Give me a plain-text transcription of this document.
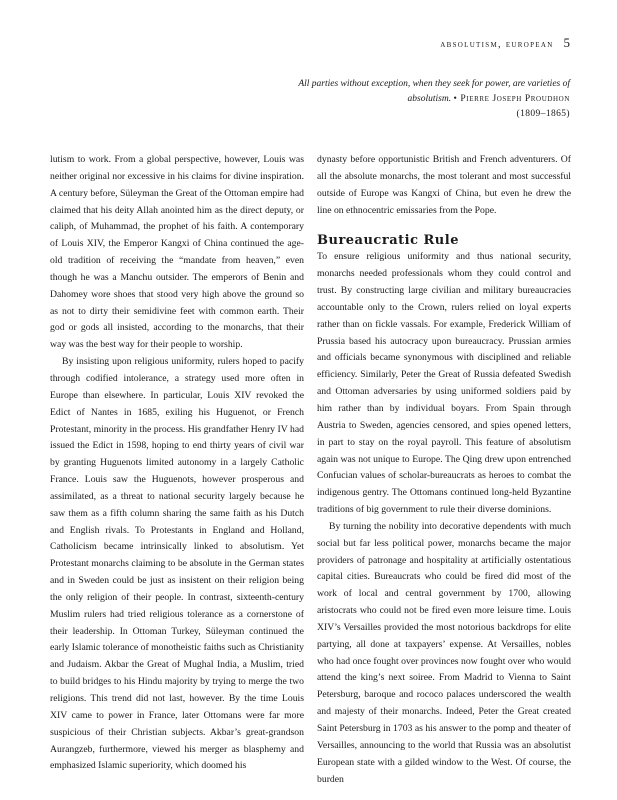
absolutism, european 5
All parties without exception, when they seek for power, are varieties of absolutism. • Pierre Joseph Proudhon
(1809–1865)

lutism to work. From a global perspective, however, Louis was neither original nor excessive in his claims for divine inspiration. A century before, Süleyman the Great of the Ottoman empire had claimed that his deity Allah anointed him as the direct deputy, or caliph, of Muhammad, the prophet of his faith. A contemporary of Louis XIV, the Emperor Kangxi of China continued the age-old tradition of receiving the “mandate from heaven,” even though he was a Manchu outsider. The emperors of Benin and Dahomey wore shoes that stood very high above the ground so as not to dirty their semidivine feet with common earth. Their god or gods all insisted, according to the monarchs, that their way was the best way for their people to worship.

By insisting upon religious uniformity, rulers hoped to pacify through codified intolerance, a strategy used more often in Europe than elsewhere. In particular, Louis XIV revoked the Edict of Nantes in 1685, exiling his Huguenot, or French Protestant, minority in the process. His grandfather Henry IV had issued the Edict in 1598, hoping to end thirty years of civil war by granting Huguenots limited autonomy in a largely Catholic France. Louis saw the Huguenots, however prosperous and assimilated, as a threat to national security largely because he saw them as a fifth column sharing the same faith as his Dutch and English rivals. To Protestants in England and Holland, Catholicism became intrinsically linked to absolutism. Yet Protestant monarchs claiming to be absolute in the German states and in Sweden could be just as insistent on their religion being the only religion of their people. In contrast, sixteenth-century Muslim rulers had tried religious tolerance as a cornerstone of their leadership. In Ottoman Turkey, Süleyman continued the early Islamic tolerance of monotheistic faiths such as Christianity and Judaism. Akbar the Great of Mughal India, a Muslim, tried to build bridges to his Hindu majority by trying to merge the two religions. This trend did not last, however. By the time Louis XIV came to power in France, later Ottomans were far more suspicious of their Christian subjects. Akbar’s great-grandson Aurangzeb, furthermore, viewed his merger as blasphemy and emphasized Islamic superiority, which doomed his

dynasty before opportunistic British and French adventurers. Of all the absolute monarchs, the most tolerant and most successful outside of Europe was Kangxi of China, but even he drew the line on ethnocentric emissaries from the Pope.

Bureaucratic Rule

To ensure religious uniformity and thus national security, monarchs needed professionals whom they could control and trust. By constructing large civilian and military bureaucracies accountable only to the Crown, rulers relied on loyal experts rather than on fickle vassals. For example, Frederick William of Prussia based his autocracy upon bureaucracy. Prussian armies and officials became synonymous with disciplined and reliable efficiency. Similarly, Peter the Great of Russia defeated Swedish and Ottoman adversaries by using uniformed soldiers paid by him rather than by individual boyars. From Spain through Austria to Sweden, agencies censored, and spies opened letters, in part to stay on the royal payroll. This feature of absolutism again was not unique to Europe. The Qing drew upon entrenched Confucian values of scholar-bureaucrats as heroes to combat the indigenous gentry. The Ottomans continued long-held Byzantine traditions of big government to rule their diverse dominions.

By turning the nobility into decorative dependents with much social but far less political power, monarchs became the major providers of patronage and hospitality at artificially ostentatious capital cities. Bureaucrats who could be fired did most of the work of local and central government by 1700, allowing aristocrats who could not be fired even more leisure time. Louis XIV’s Versailles provided the most notorious backdrops for elite partying, all done at taxpayers’ expense. At Versailles, nobles who had once fought over provinces now fought over who would attend the king’s next soiree. From Madrid to Vienna to Saint Petersburg, baroque and rococo palaces underscored the wealth and majesty of their monarchs. Indeed, Peter the Great created Saint Petersburg in 1703 as his answer to the pomp and theater of Versailles, announcing to the world that Russia was an absolutist European state with a gilded window to the West. Of course, the burden
